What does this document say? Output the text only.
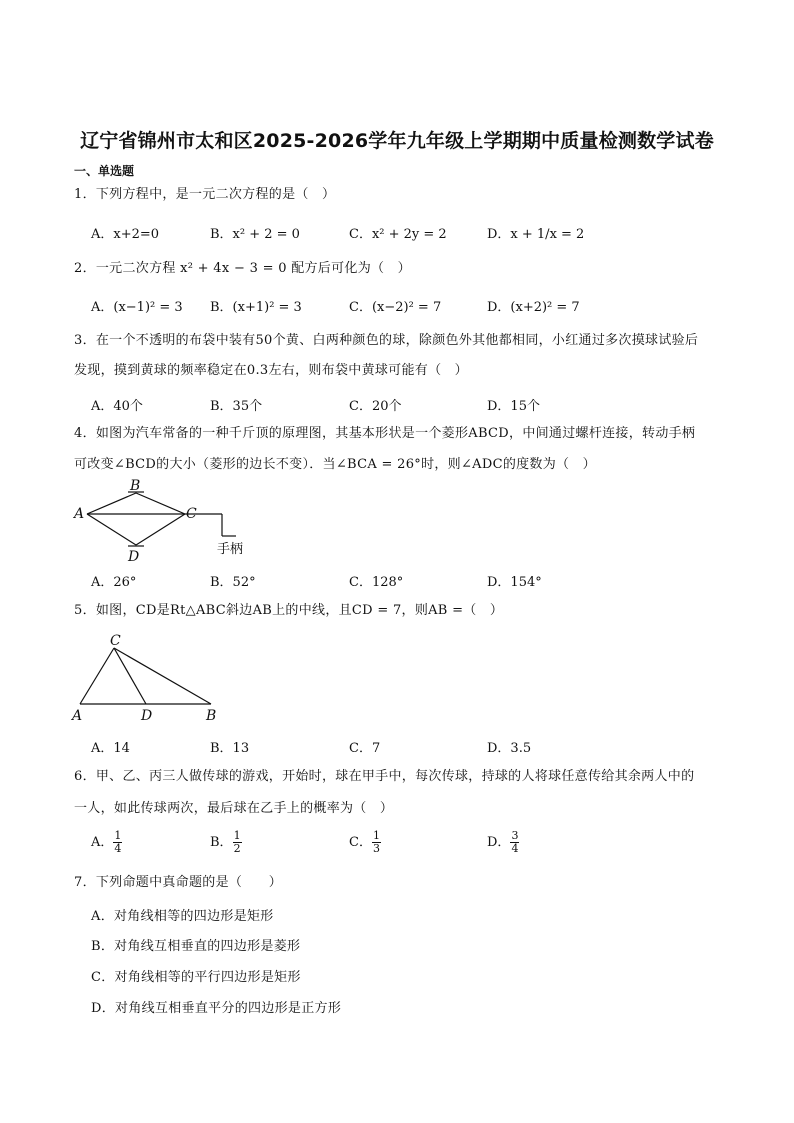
辽宁省锦州市太和区2025-2026学年九年级上学期期中质量检测数学试卷
一、单选题
1．下列方程中，是一元二次方程的是（　）
A．x+2=0	B．x² + 2 = 0	C．x² + 2y = 2	D．x + 1/x = 2
2．一元二次方程 x² + 4x − 3 = 0 配方后可化为（　）
A．(x−1)² = 3 B．(x+1)² = 3	C．(x−2)² = 7	D．(x+2)² = 7
3．在一个不透明的布袋中装有50个黄、白两种颜色的球，除颜色外其他都相同，小红通过多次摸球试验后
发现，摸到黄球的频率稳定在0.3左右，则布袋中黄球可能有（　）
A．40个	B．35个	C．20个	D．15个
4．如图为汽车常备的一种千斤顶的原理图，其基本形状是一个菱形ABCD，中间通过螺杆连接，转动手柄
可改变∠BCD的大小（菱形的边长不变）．当∠BCA = 26°时，则∠ADC的度数为（　）
A
B
C
D	手柄
A．26°	B．52°	C．128°	D．154°
5．如图，CD是Rt△ABC斜边AB上的中线，且CD = 7，则AB =（　）
C
A	D	B
A．14	B．13	C．7	D．3.5
6．甲、乙、丙三人做传球的游戏，开始时，球在甲手中，每次传球，持球的人将球任意传给其余两人中的
一人，如此传球两次，最后球在乙手上的概率为（　）
A． $\frac{1}{4}$	B． $\frac{1}{2}$	C． $\frac{1}{3}$	D． $\frac{3}{4}$
7．下列命题中真命题的是（　　）
A．对角线相等的四边形是矩形
B．对角线互相垂直的四边形是菱形
C．对角线相等的平行四边形是矩形
D．对角线互相垂直平分的四边形是正方形
